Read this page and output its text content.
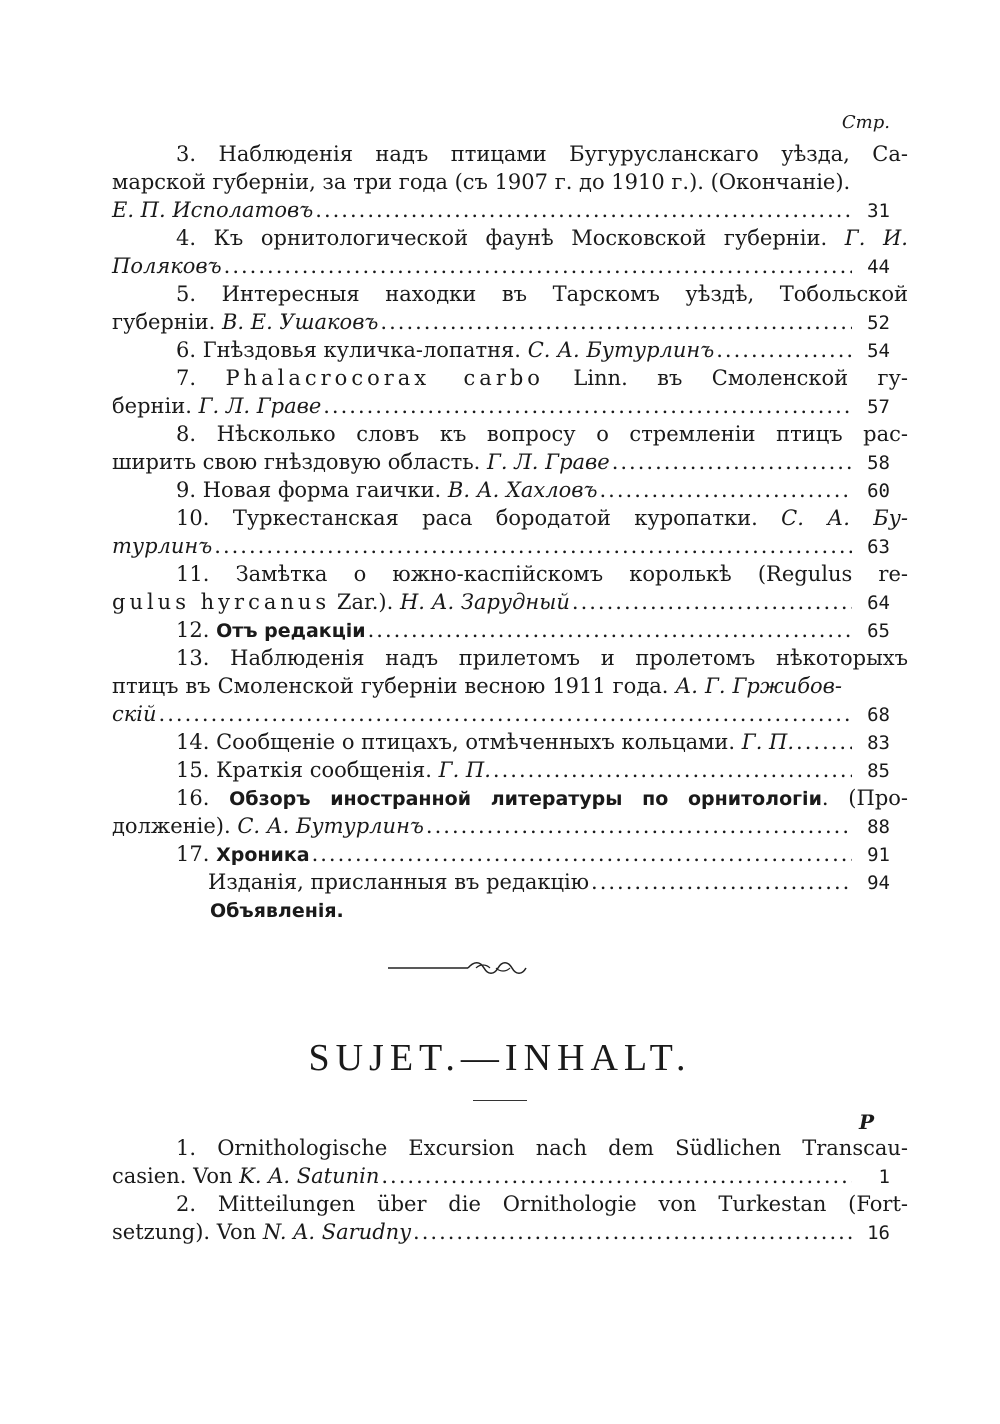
Стр.
3. Наблюденія надъ птицами Бугурусланскаго уѣзда, Са-
марской губерніи, за три года (съ 1907 г. до 1910 г.). (Окончаніе).
Е. П. Исполатовъ .....	31
4. Къ орнитологической фаунѣ Московской губерніи. Г. И.
Поляковъ .....	44
5. Интересныя находки въ Тарскомъ уѣздѣ, Тобольской
губерніи. В. Е. Ушаковъ .....	52
6. Гнѣздовья куличка-лопатня. С. А. Бутурлинъ .....	54
7. Phalacrocorax carbo Linn. въ Смоленской гу-
берніи. Г. Л. Граве .....	57
8. Нѣсколько словъ къ вопросу о стремленіи птицъ рас-
ширить свою гнѣздовую область. Г. Л. Граве .....	58
9. Новая форма гаички. В. А. Хахловъ .....	60
10. Туркестанская раса бородатой куропатки. С. А. Бу-
турлинъ .....	63
11. Замѣтка о южно-каспійскомъ королькѣ (Regulus re-
gulus hyrcanus Zar.). Н. А. Зарудный .....	64
12. Отъ редакціи .....	65
13. Наблюденія надъ прилетомъ и пролетомъ нѣкоторыхъ
птицъ въ Смоленской губерніи весною 1911 года. А. Г. Гржибов-
скій .....	68
14. Сообщеніе о птицахъ, отмѣченныхъ кольцами. Г. П. .....	83
15. Краткія сообщенія. Г. П. .....	85
16. Обзоръ иностранной литературы по орнитологіи. (Про-
долженіе). С. А. Бутурлинъ .....	88
17. Хроника .....	91
Изданія, присланныя въ редакцію .....	94
Объявленія.
SUJET.—INHALT.
P
1. Ornithologische Excursion nach dem Südlichen Transcau-
casien. Von K. A. Satunin .....	1
2. Mitteilungen über die Ornithologie von Turkestan (Fort-
setzung). Von N. A. Sarudny .....	16
